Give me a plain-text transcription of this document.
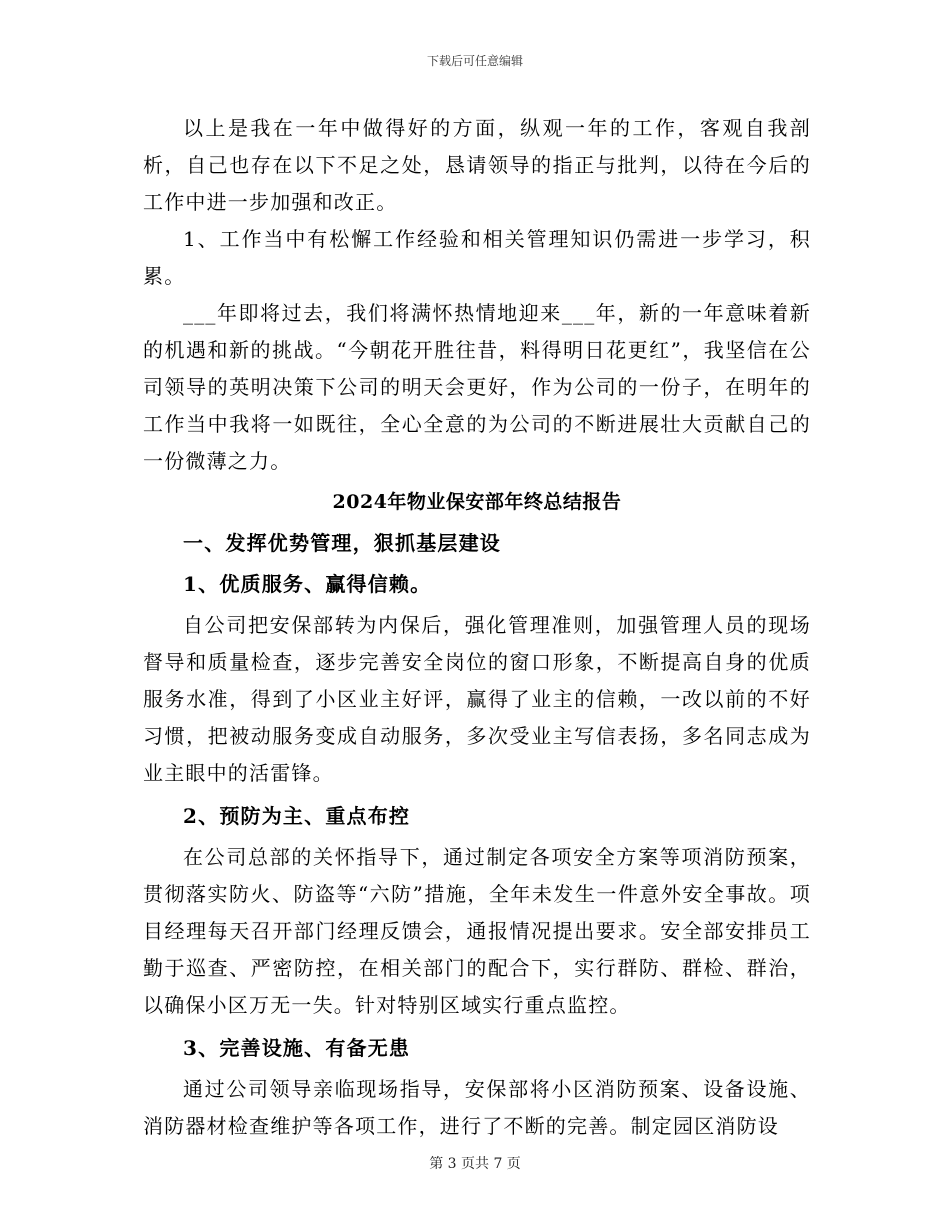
下载后可任意编辑

以上是我在一年中做得好的方面，纵观一年的工作，客观自我剖析，自己也存在以下不足之处，恳请领导的指正与批判，以待在今后的工作中进一步加强和改正。

1、工作当中有松懈工作经验和相关管理知识仍需进一步学习，积累。

___年即将过去，我们将满怀热情地迎来___年，新的一年意味着新的机遇和新的挑战。“今朝花开胜往昔，料得明日花更红”，我坚信在公司领导的英明决策下公司的明天会更好，作为公司的一份子，在明年的工作当中我将一如既往，全心全意的为公司的不断进展壮大贡献自己的一份微薄之力。

2024年物业保安部年终总结报告
一、发挥优势管理，狠抓基层建设
1、优质服务、赢得信赖。

自公司把安保部转为内保后，强化管理准则，加强管理人员的现场督导和质量检查，逐步完善安全岗位的窗口形象，不断提高自身的优质服务水准，得到了小区业主好评，赢得了业主的信赖，一改以前的不好习惯，把被动服务变成自动服务，多次受业主写信表扬，多名同志成为业主眼中的活雷锋。

2、预防为主、重点布控

在公司总部的关怀指导下，通过制定各项安全方案等项消防预案，贯彻落实防火、防盗等“六防”措施，全年未发生一件意外安全事故。项目经理每天召开部门经理反馈会，通报情况提出要求。安全部安排员工勤于巡查、严密防控，在相关部门的配合下，实行群防、群检、群治，以确保小区万无一失。针对特别区域实行重点监控。

3、完善设施、有备无患

通过公司领导亲临现场指导，安保部将小区消防预案、设备设施、消防器材检查维护等各项工作，进行了不断的完善。制定园区消防设

第 3 页共 7 页
